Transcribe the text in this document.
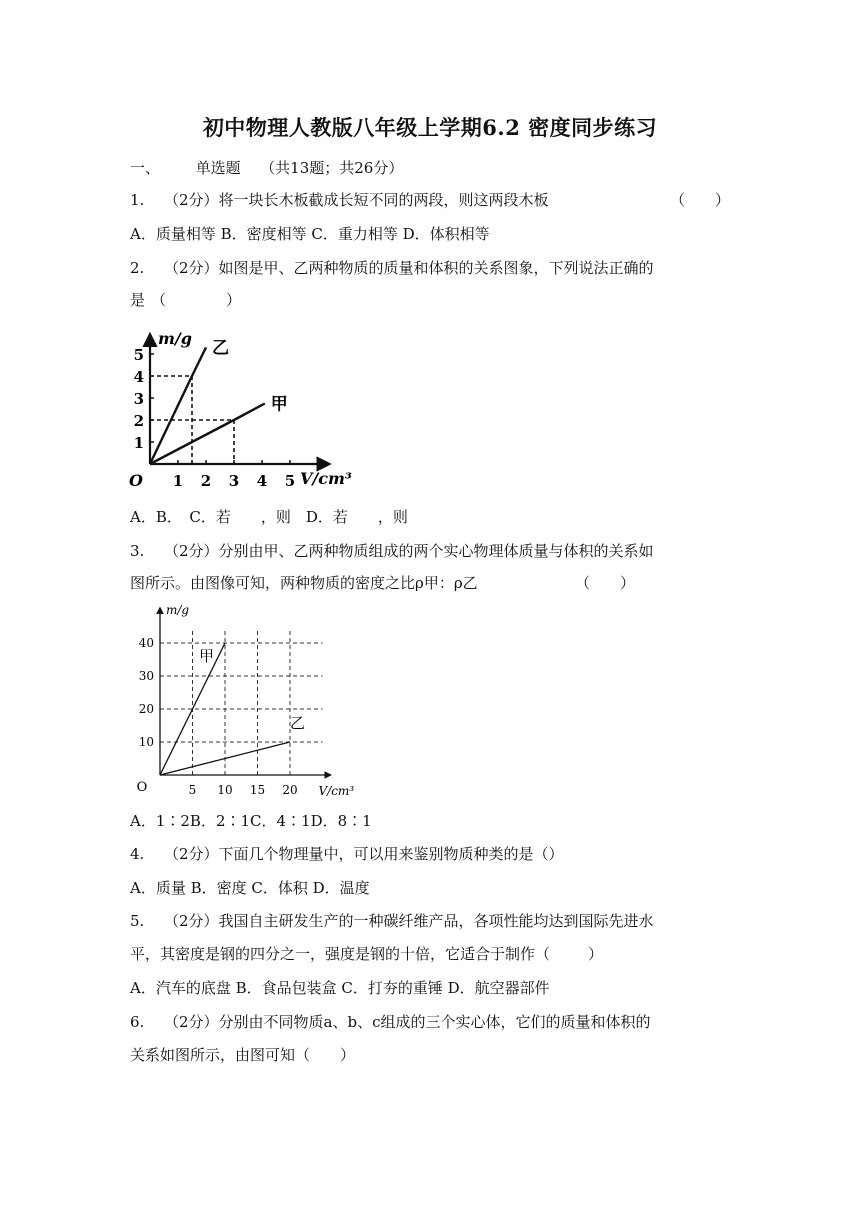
初中物理人教版八年级上学期6.2 密度同步练习
一、 单选题 （共13题；共26分）
1. （2分）将一块长木板截成长短不同的两段，则这两段木板	（　　）
A．质量相等 B．密度相等 C．重力相等 D．体积相等
2. （2分）如图是甲、乙两种物质的质量和体积的关系图象，下列说法正确的
是 （　　　　）
1 2 3 4 5
1
2
3
4
5
O	V/cm³
m/g 乙
甲
A．B．　C．若　　，则　D．若　　，则
3. （2分）分别由甲、乙两种物质组成的两个实心物理体质量与体积的关系如
图所示。由图像可知，两种物质的密度之比ρ甲：ρ乙	（　　）
10
20
30
40
5 10 15 20
O	V/cm³
m/g
甲
乙
A．1∶2B．2∶1C．4∶1D．8∶1
4. （2分）下面几个物理量中，可以用来鉴别物质种类的是（）
A．质量 B．密度 C．体积 D．温度
5. （2分）我国自主研发生产的一种碳纤维产品，各项性能均达到国际先进水
平，其密度是钢的四分之一，强度是钢的十倍，它适合于制作（	）
A．汽车的底盘 B．食品包装盒 C．打夯的重锤 D．航空器部件
6. （2分）分别由不同物质a、b、c组成的三个实心体，它们的质量和体积的
关系如图所示，由图可知（　　）
